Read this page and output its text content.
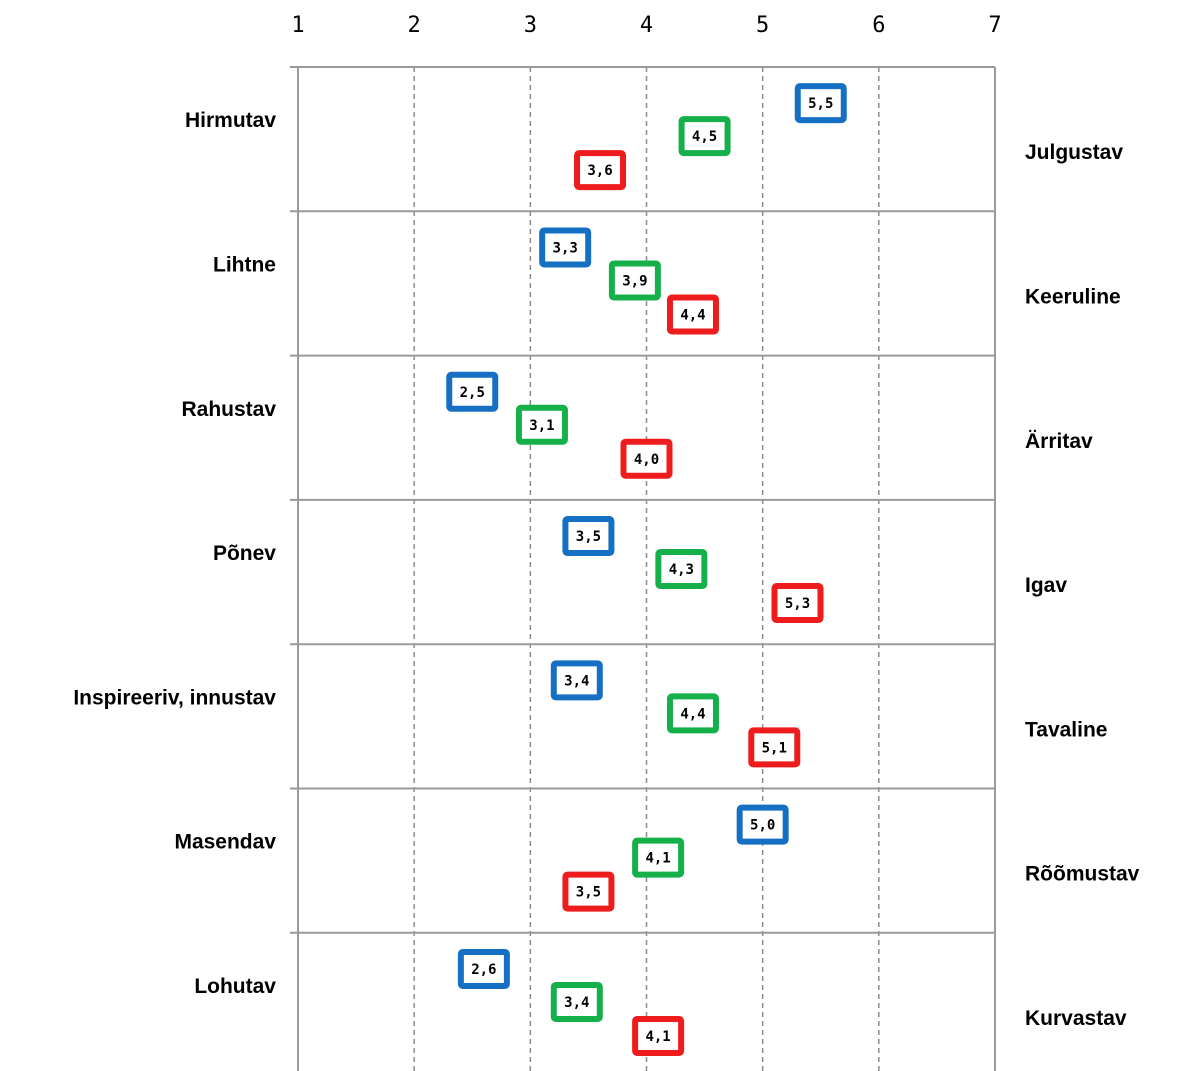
1	2	3	4	5	6	7
Hirmutav
Julgustav
5,5
4,5
3,6
Lihtne
Keeruline
3,3
3,9
4,4
Rahustav
Ärritav
2,5
3,1
4,0
Põnev
Igav
3,5
4,3
5,3
Inspireeriv, innustav
Tavaline
3,4
4,4
5,1
Masendav
Rõõmustav
5,0
4,1
3,5
Lohutav
Kurvastav
2,6
3,4
4,1
